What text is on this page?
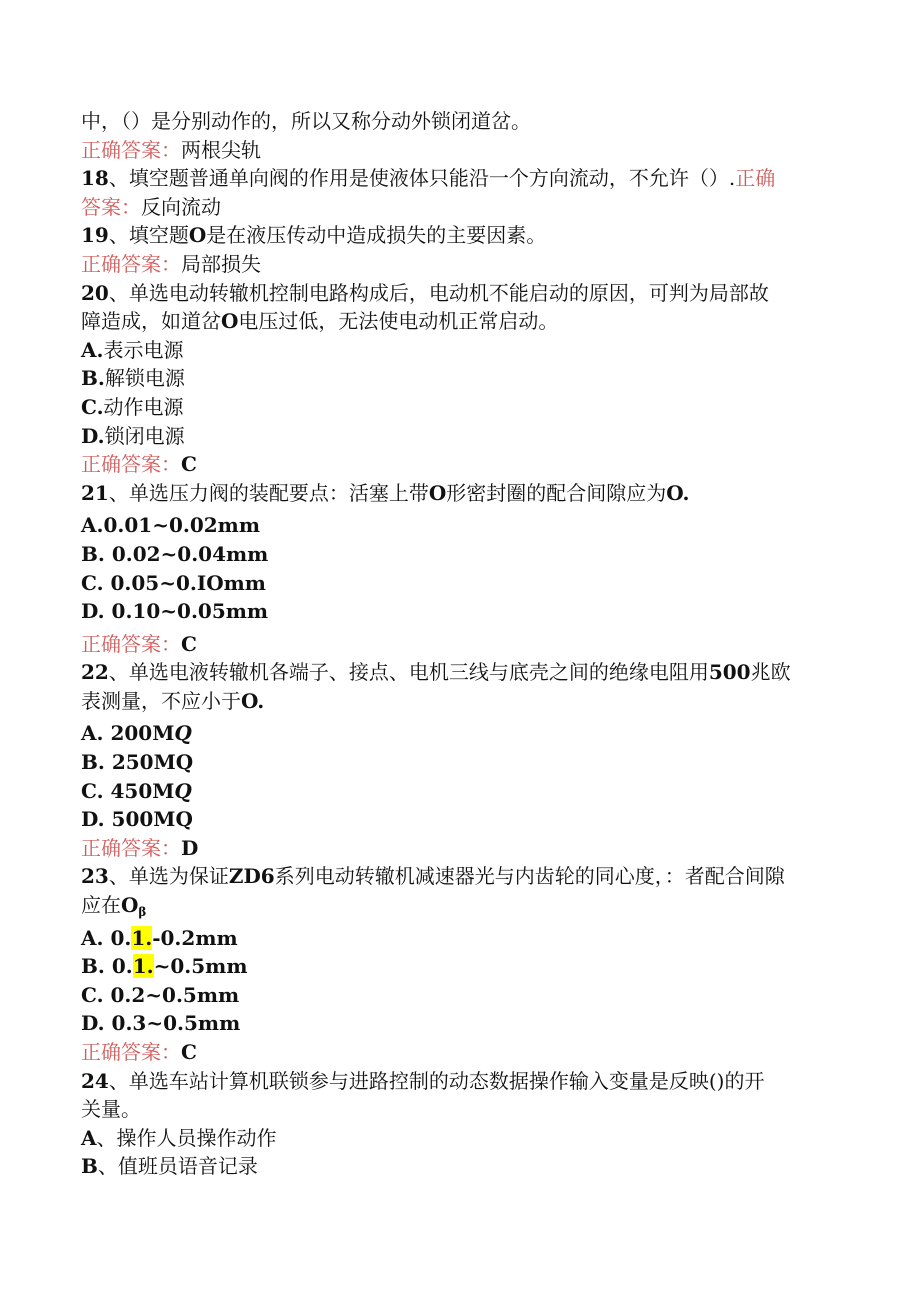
中，（）是分别动作的，所以又称分动外锁闭道岔。
正确答案：两根尖轨
18、填空题普通单向阀的作用是使液体只能沿一个方向流动，不允许（）.正确
答案：反向流动
19、填空题O是在液压传动中造成损失的主要因素。
正确答案：局部损失
20、单选电动转辙机控制电路构成后，电动机不能启动的原因，可判为局部故
障造成，如道岔O电压过低，无法使电动机正常启动。
A.表示电源
B.解锁电源
C.动作电源
D.锁闭电源
正确答案：C
21、单选压力阀的装配要点：活塞上带O形密封圈的配合间隙应为O.
A.0.01~0.02mm
B. 0.02~0.04mm
C. 0.05~0.IOmm
D. 0.10~0.05mm
正确答案：C
22、单选电液转辙机各端子、接点、电机三线与底壳之间的绝缘电阻用500兆欧
表测量，不应小于O.
A. 200MQ
B. 250MQ
C. 450MQ
D. 500MQ
正确答案：D
23、单选为保证ZD6系列电动转辙机减速器光与内齿轮的同心度，：者配合间隙
应在$O_\beta$
A. 0.1.-0.2mm
B. 0.1.~0.5mm
C. 0.2~0.5mm
D. 0.3~0.5mm
正确答案：C
24、单选车站计算机联锁参与进路控制的动态数据操作输入变量是反映()的开
关量。
A、操作人员操作动作
B、值班员语音记录
